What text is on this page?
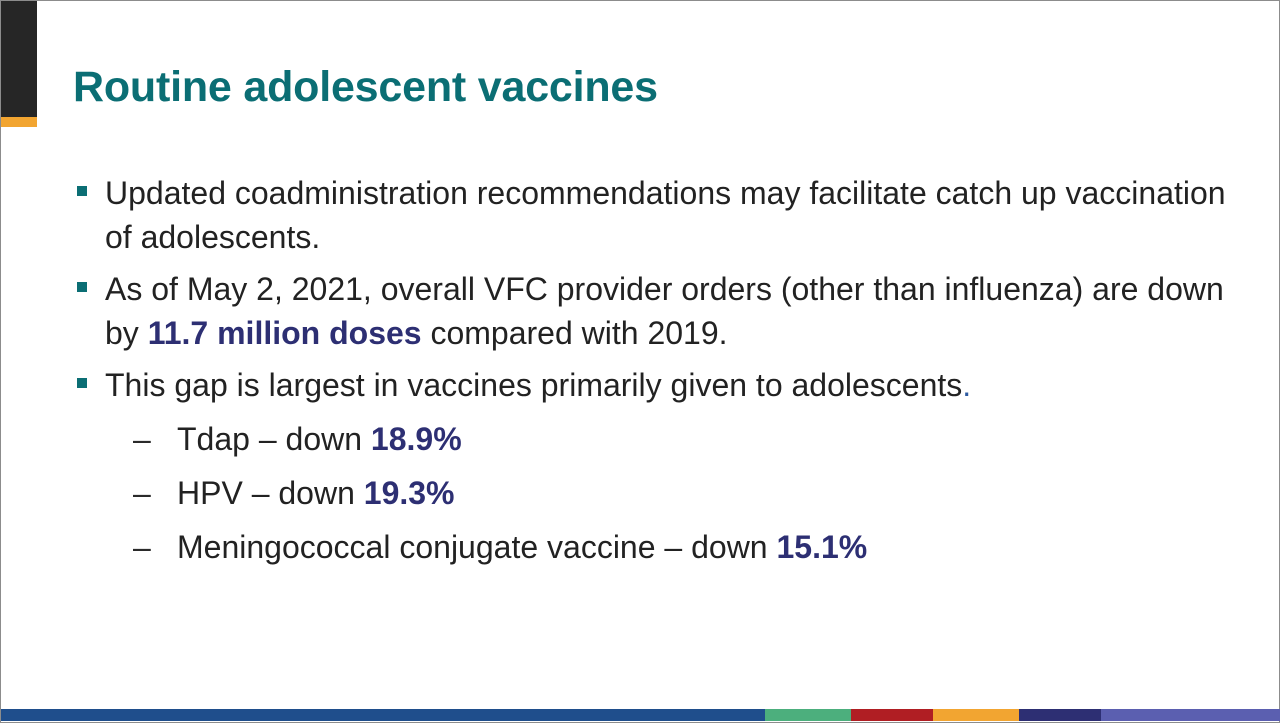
Routine adolescent vaccines
Updated coadministration recommendations may facilitate catch up vaccination of adolescents.
As of May 2, 2021, overall VFC provider orders (other than influenza) are down by 11.7 million doses compared with 2019.
This gap is largest in vaccines primarily given to adolescents.
– Tdap – down 18.9%
– HPV – down 19.3%
– Meningococcal conjugate vaccine – down 15.1%
